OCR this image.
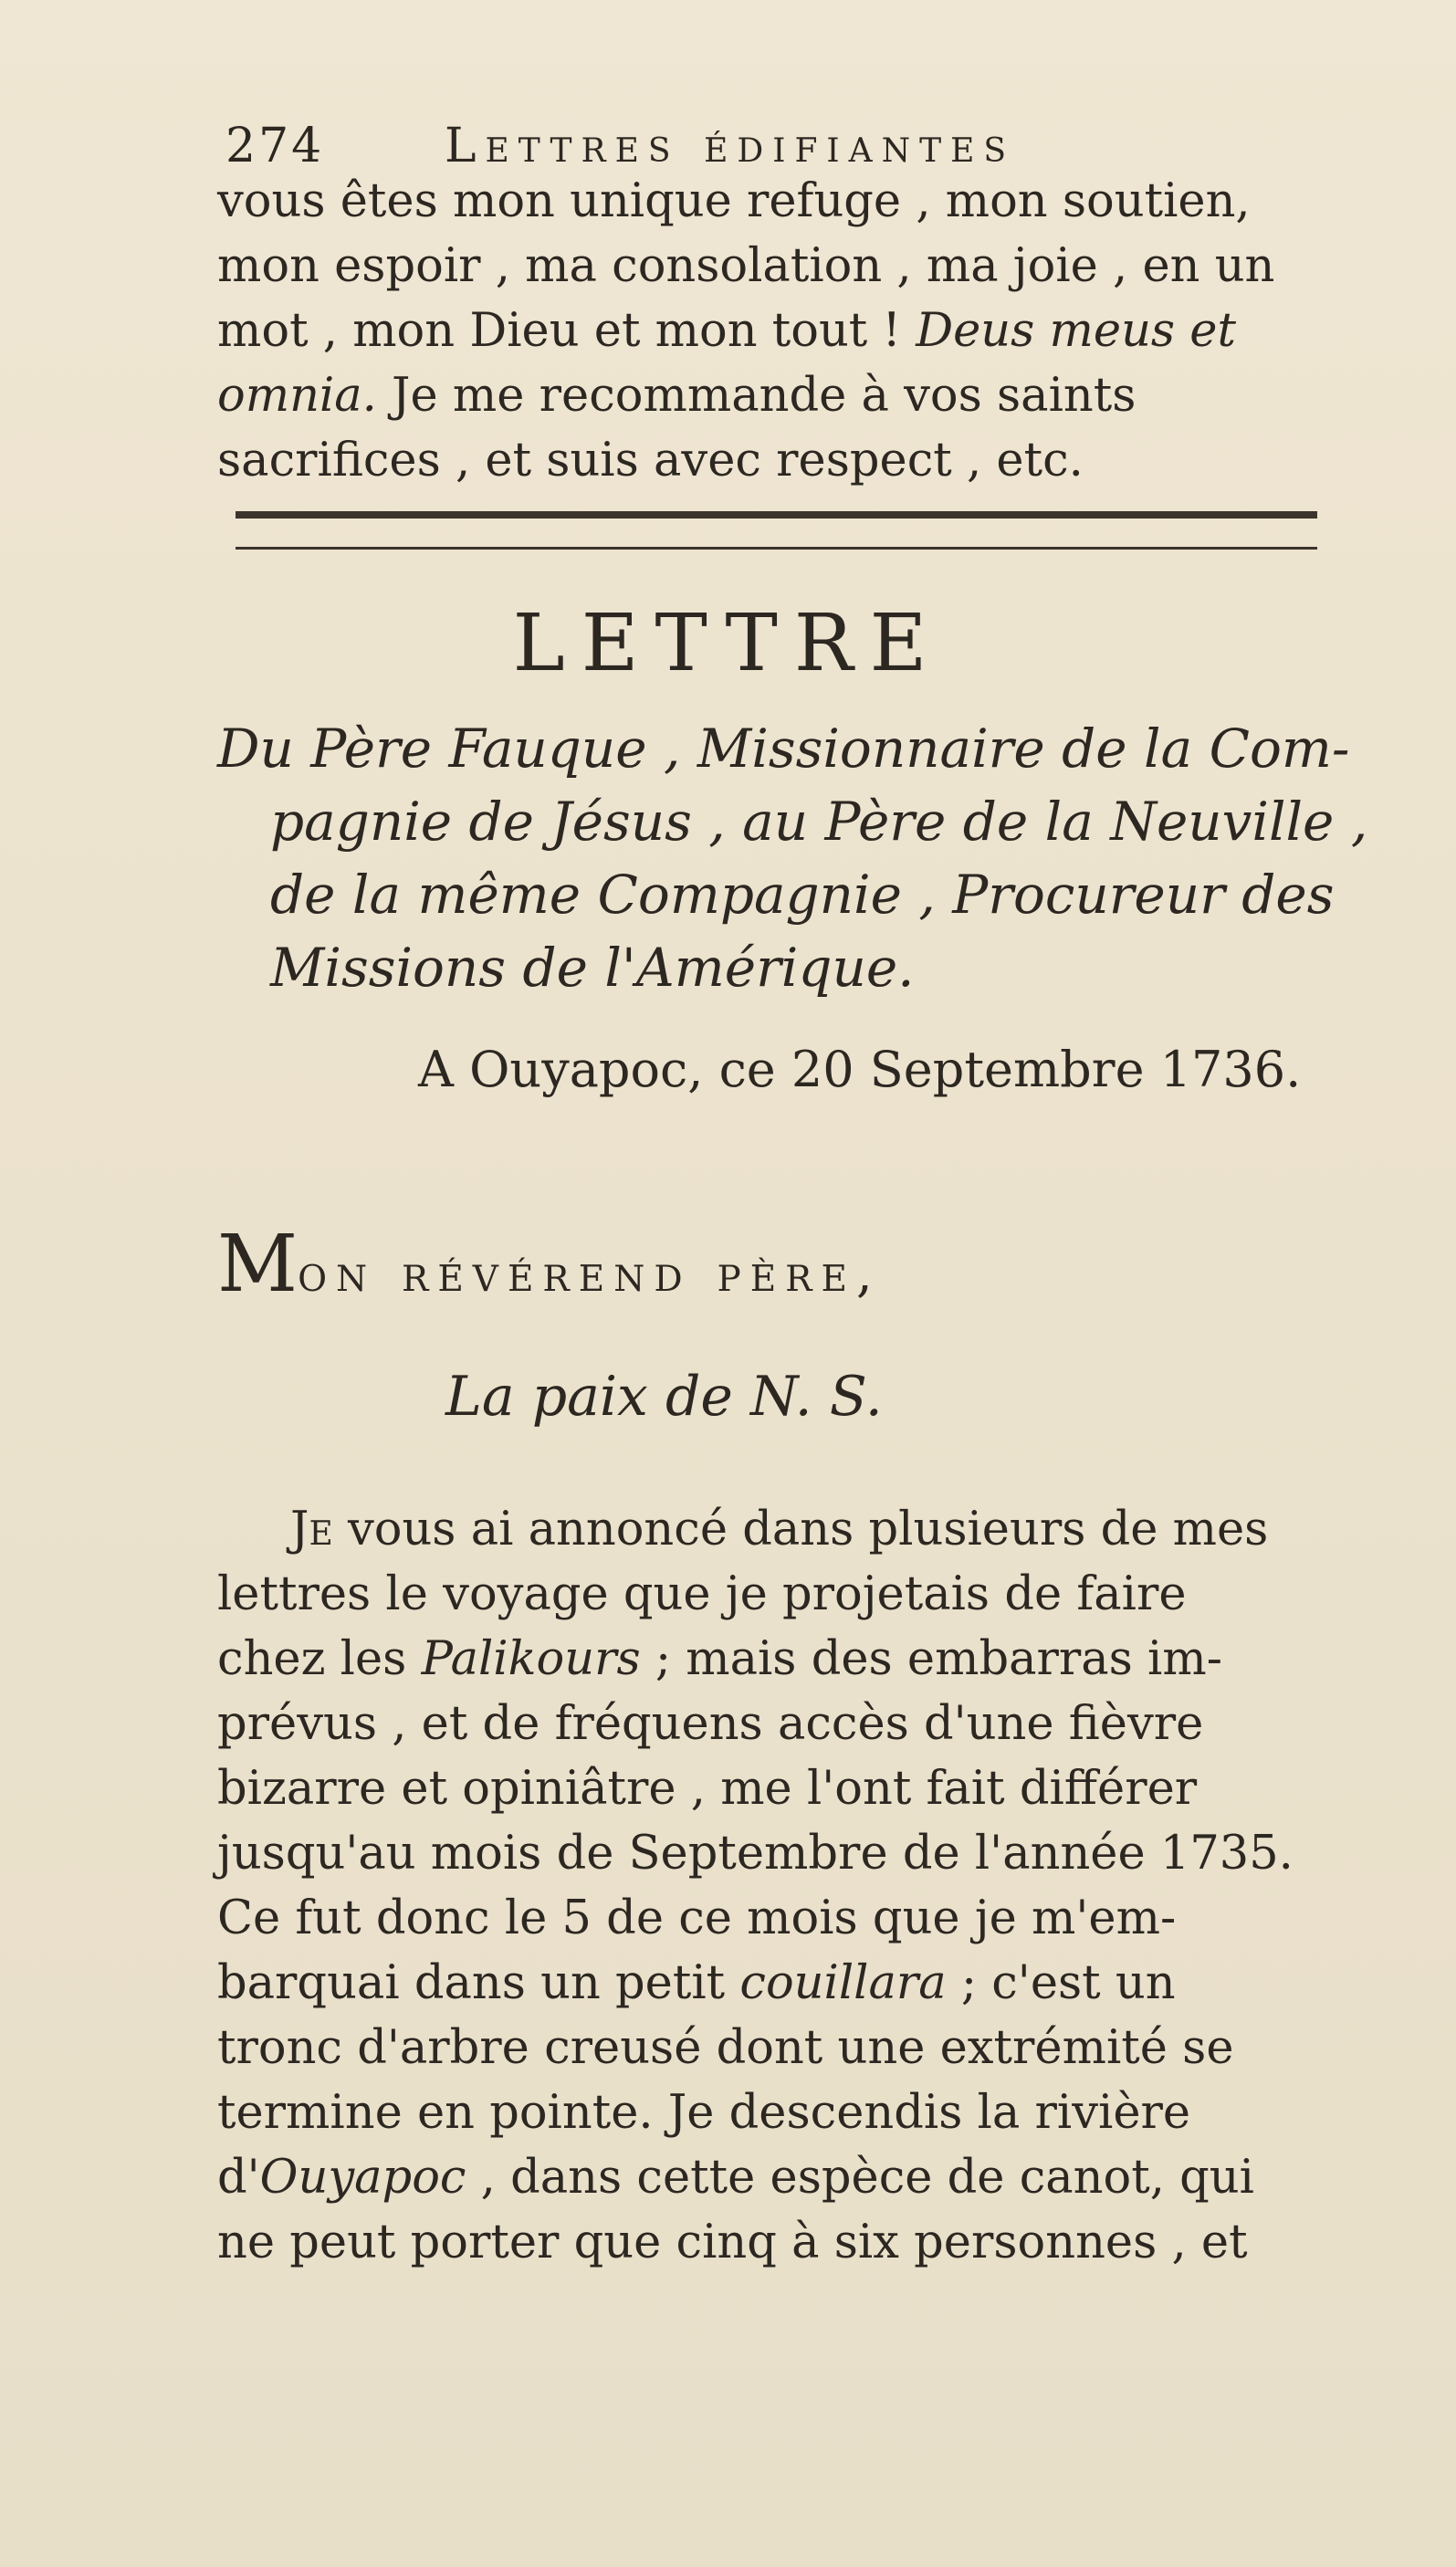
274	Lettres édifiantes
vous êtes mon unique refuge , mon soutien,
mon espoir , ma consolation , ma joie , en un
mot , mon Dieu et mon tout ! Deus meus et
omnia. Je me recommande à vos saints
sacrifices , et suis avec respect , etc.
LETTRE
Du Père Fauque , Missionnaire de la Com-
pagnie de Jésus , au Père de la Neuville ,
de la même Compagnie , Procureur des
Missions de l'Amérique.
A Ouyapoc, ce 20 Septembre 1736.
Mon révérend père,
La paix de N. S.
Je vous ai annoncé dans plusieurs de mes
lettres le voyage que je projetais de faire
chez les Palikours ; mais des embarras im-
prévus , et de fréquens accès d'une fièvre
bizarre et opiniâtre , me l'ont fait différer
jusqu'au mois de Septembre de l'année 1735.
Ce fut donc le 5 de ce mois que je m'em-
barquai dans un petit couillara ; c'est un
tronc d'arbre creusé dont une extrémité se
termine en pointe. Je descendis la rivière
d'Ouyapoc , dans cette espèce de canot, qui
ne peut porter que cinq à six personnes , et
